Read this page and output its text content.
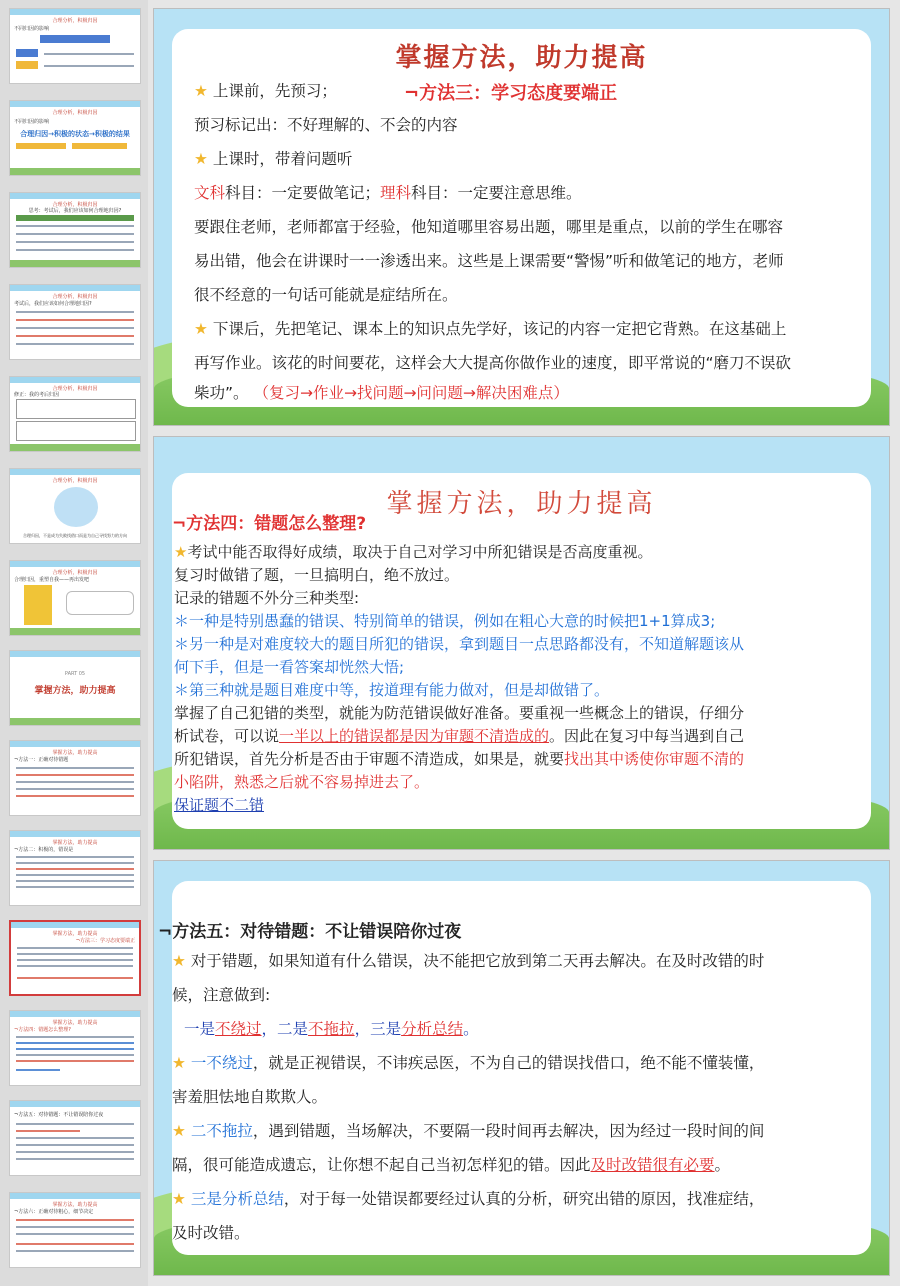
合理分析，积极归因
不同归因的影响
合理分析，积极归因
不同归因的影响
合理归因→积极的状态→积极的结果
合理分析，积极归因
思考：考试后，我们应该如何合理地归因?
合理分析，积极归因
考试后，我们应该如何合理地归因?
合理分析，积极归因
修正：我的考后归因
合理分析，积极归因
合理归因，不是成为失败找借口而是为自己寻找努力的方向
合理分析，积极归因
合理归因，重塑自我——再出发吧
PART 05
掌握方法，助力提高
掌握方法，助力提高
¬方法一：正确对待错题
掌握方法，助力提高
¬方法二：积极的，错误是
掌握方法，助力提高
¬方法三：学习态度要端正
掌握方法，助力提高
¬方法四：错题怎么整理?
¬方法五：对待错题：不让错误陪你过夜
掌握方法，助力提高
¬方法六：正确对待粗心，细节决定
掌握方法，助力提高
★ 上课前，先预习；	¬方法三：学习态度要端正
预习标记出：不好理解的、不会的内容
★ 上课时，带着问题听
文科科目：一定要做笔记；理科科目：一定要注意思维。
要跟住老师，老师都富于经验，他知道哪里容易出题，哪里是重点，以前的学生在哪容
易出错，他会在讲课时一一渗透出来。这些是上课需要“警惕”听和做笔记的地方，老师
很不经意的一句话可能就是症结所在。
★ 下课后，先把笔记、课本上的知识点先学好，该记的内容一定把它背熟。在这基础上
再写作业。该花的时间要花，这样会大大提高你做作业的速度，即平常说的“磨刀不误砍
柴功”。 （复习→作业→找问题→问问题→解决困难点）
掌握方法，助力提高
¬方法四：错题怎么整理?
★考试中能否取得好成绩，取决于自己对学习中所犯错误是否高度重视。
复习时做错了题，一旦搞明白，绝不放过。
记录的错题不外分三种类型:
＊一种是特别愚蠢的错误、特别简单的错误，例如在粗心大意的时候把1+1算成3;
＊另一种是对难度较大的题目所犯的错误，拿到题目一点思路都没有，不知道解题该从
何下手，但是一看答案却恍然大悟;
＊第三种就是题目难度中等，按道理有能力做对，但是却做错了。
掌握了自己犯错的类型，就能为防范错误做好准备。要重视一些概念上的错误，仔细分
析试卷，可以说一半以上的错误都是因为审题不清造成的。因此在复习中每当遇到自己
所犯错误，首先分析是否由于审题不清造成，如果是，就要找出其中诱使你审题不清的
小陷阱，熟悉之后就不容易掉进去了。
保证题不二错
¬方法五：对待错题：不让错误陪你过夜
★ 对于错题，如果知道有什么错误，决不能把它放到第二天再去解决。在及时改错的时
候，注意做到:
一是不绕过，二是不拖拉，三是分析总结。
★ 一不绕过，就是正视错误，不讳疾忌医，不为自己的错误找借口，绝不能不懂装懂，
害羞胆怯地自欺欺人。
★ 二不拖拉，遇到错题，当场解决，不要隔一段时间再去解决，因为经过一段时间的间
隔，很可能造成遗忘，让你想不起自己当初怎样犯的错。因此及时改错很有必要。
★ 三是分析总结，对于每一处错误都要经过认真的分析，研究出错的原因，找准症结，
及时改错。
